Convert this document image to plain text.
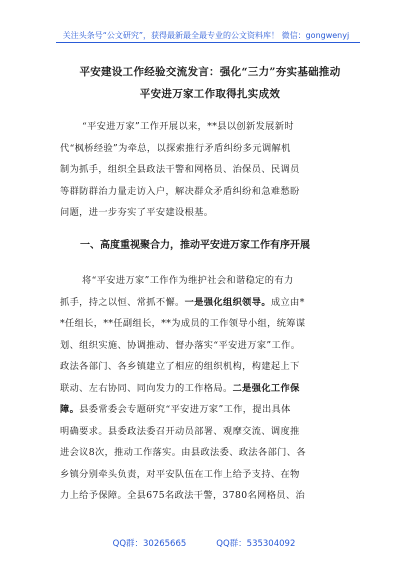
关注头条号“公文研究”，获得最新最全最专业的公文资料库！ 微信：gongwenyj
平安建设工作经验交流发言：强化“三力”夯实基础推动
平安进万家工作取得扎实成效
“平安进万家”工作开展以来，**县以创新发展新时
代“枫桥经验”为牵总，以探索推行矛盾纠纷多元调解机
制为抓手，组织全县政法干警和网格员、治保员、民调员
等群防群治力量走访入户，解决群众矛盾纠纷和急难愁盼
问题，进一步夯实了平安建设根基。
一、高度重视聚合力，推动平安进万家工作有序开展
将“平安进万家”工作作为维护社会和谐稳定的有力
抓手，持之以恒、常抓不懈。一是强化组织领导。成立由*
*任组长，**任副组长，**为成员的工作领导小组，统筹谋
划、组织实施、协调推动、督办落实“平安进万家”工作。
政法各部门、各乡镇建立了相应的组织机构，构建起上下
联动、左右协同、同向发力的工作格局。二是强化工作保
障。县委常委会专题研究“平安进万家”工作，提出具体
明确要求。县委政法委召开动员部署、观摩交流、调度推
进会议8次，推动工作落实。由县政法委、政法各部门、各
乡镇分别牵头负责，对平安队伍在工作上给予支持、在物
力上给予保障。全县675名政法干警，3780名网格员、治
QQ群：30265665	QQ群：535304092
